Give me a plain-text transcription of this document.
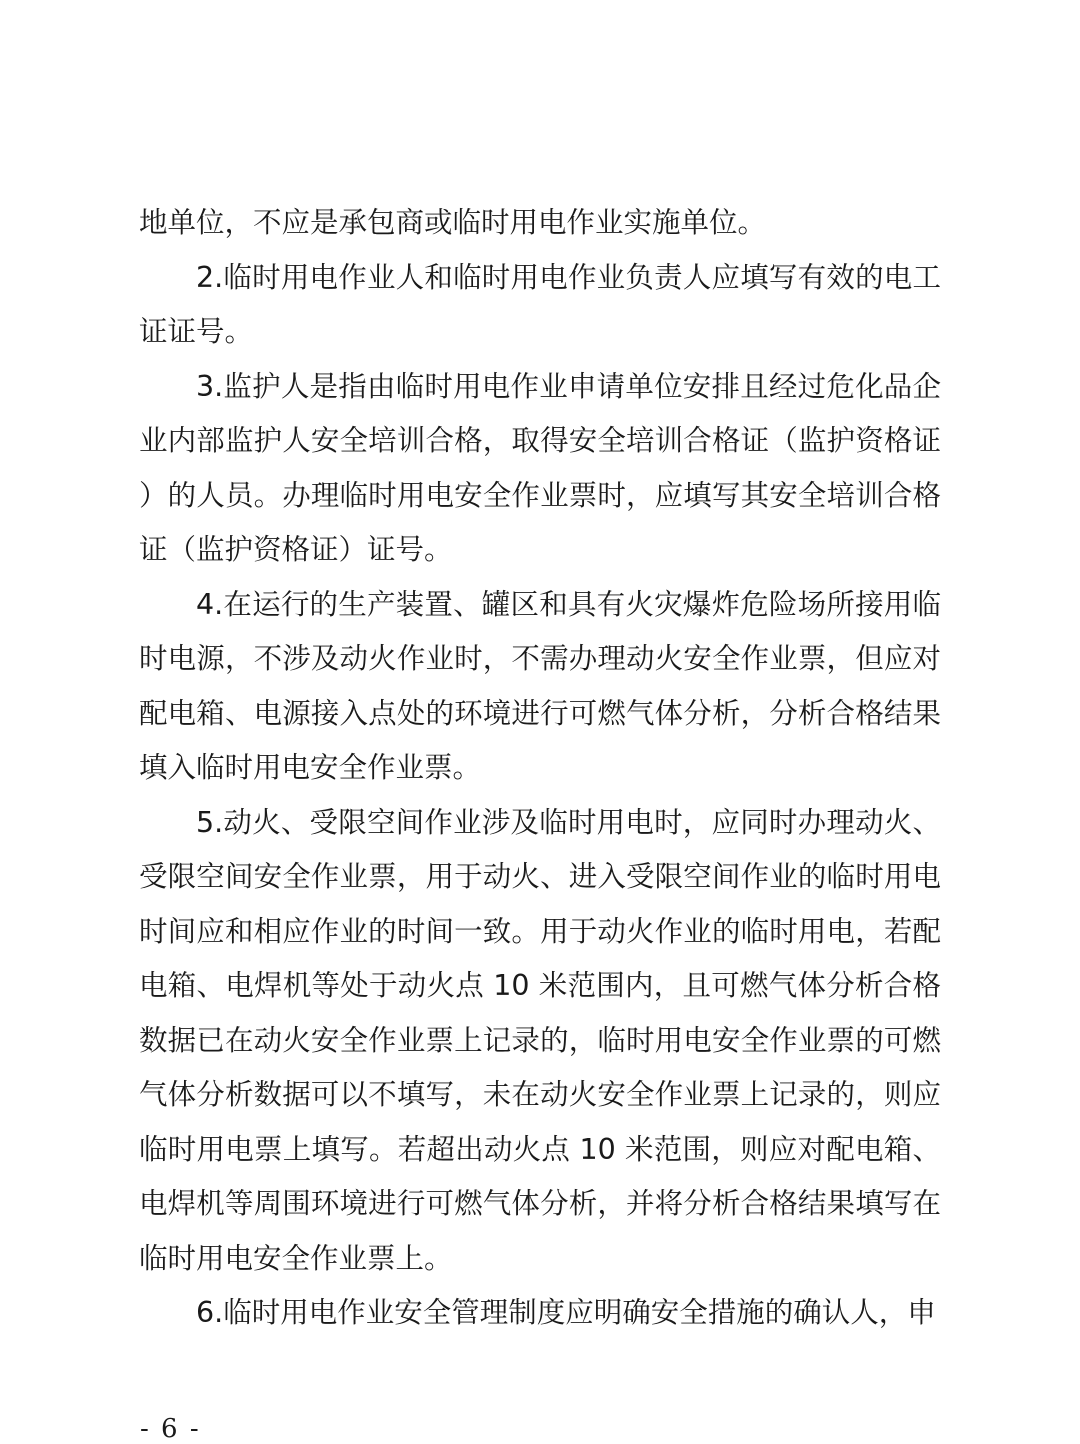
地单位，不应是承包商或临时用电作业实施单位。

2.临时用电作业人和临时用电作业负责人应填写有效的电工证证号。

3.监护人是指由临时用电作业申请单位安排且经过危化品企业内部监护人安全培训合格，取得安全培训合格证（监护资格证）的人员。办理临时用电安全作业票时，应填写其安全培训合格证（监护资格证）证号。

4.在运行的生产装置、罐区和具有火灾爆炸危险场所接用临时电源，不涉及动火作业时，不需办理动火安全作业票，但应对配电箱、电源接入点处的环境进行可燃气体分析，分析合格结果填入临时用电安全作业票。

5.动火、受限空间作业涉及临时用电时，应同时办理动火、受限空间安全作业票，用于动火、进入受限空间作业的临时用电时间应和相应作业的时间一致。用于动火作业的临时用电，若配电箱、电焊机等处于动火点 10 米范围内，且可燃气体分析合格数据已在动火安全作业票上记录的，临时用电安全作业票的可燃气体分析数据可以不填写，未在动火安全作业票上记录的，则应临时用电票上填写。若超出动火点 10 米范围，则应对配电箱、电焊机等周围环境进行可燃气体分析，并将分析合格结果填写在临时用电安全作业票上。

6.临时用电作业安全管理制度应明确安全措施的确认人，申

- 6 -
